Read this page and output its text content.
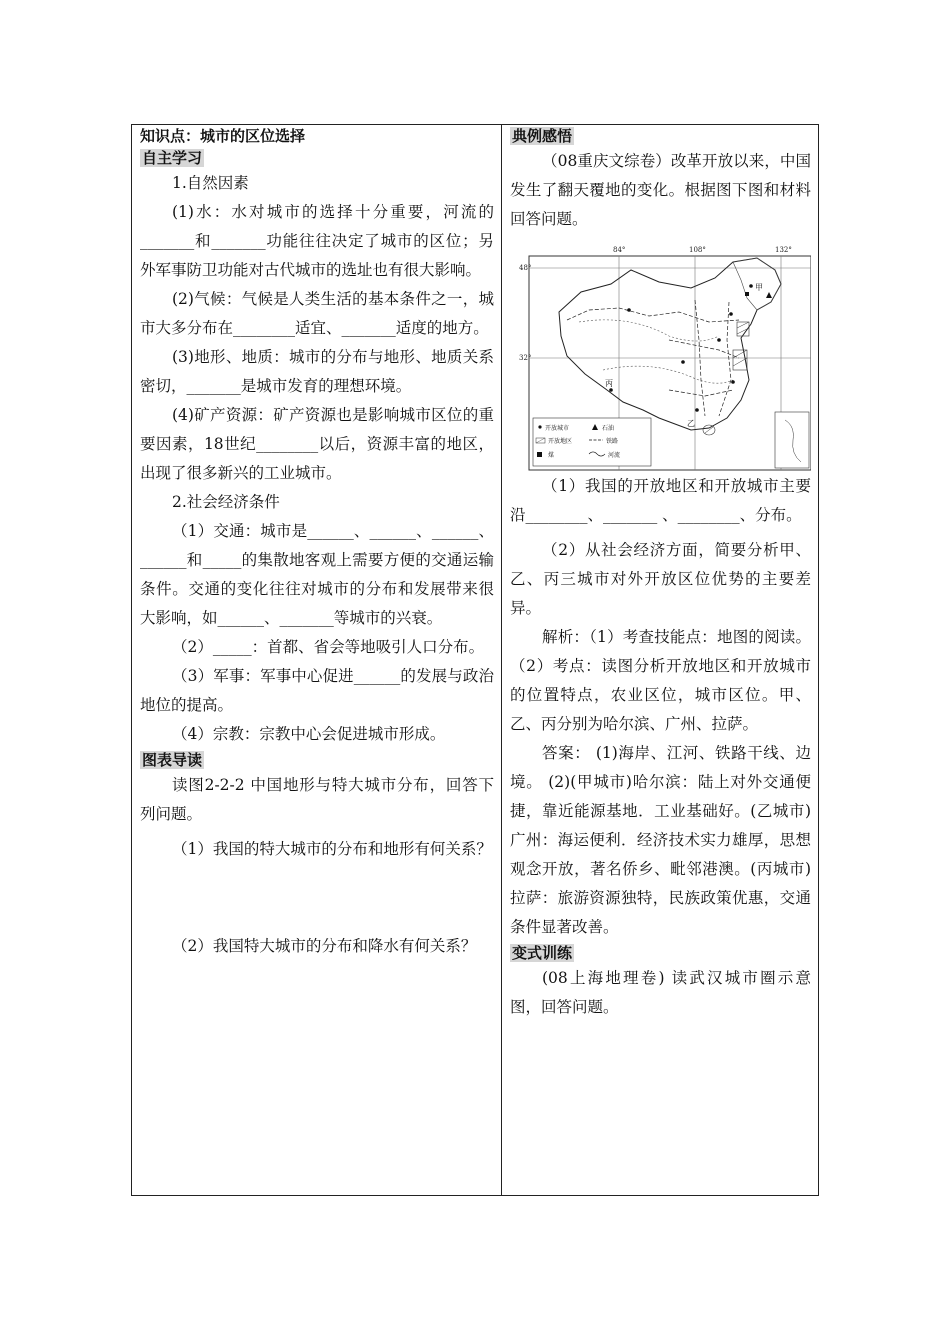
知识点：城市的区位选择

自主学习

1.自然因素

(1)水：水对城市的选择十分重要，河流的_______和_______功能往往决定了城市的区位；另外军事防卫功能对古代城市的选址也有很大影响。

(2)气候：气候是人类生活的基本条件之一，城市大多分布在________适宜、_______适度的地方。

(3)地形、地质：城市的分布与地形、地质关系密切，_______是城市发育的理想环境。

(4)矿产资源：矿产资源也是影响城市区位的重要因素，18世纪________以后，资源丰富的地区，出现了很多新兴的工业城市。

2.社会经济条件

（1）交通：城市是______、______、______、______和_____的集散地客观上需要方便的交通运输条件。交通的变化往往对城市的分布和发展带来很大影响，如______、_______等城市的兴衰。

（2）_____：首都、省会等地吸引人口分布。

（3）军事：军事中心促进______的发展与政治地位的提高。

（4）宗教：宗教中心会促进城市形成。

图表导读

读图2-2-2 中国地形与特大城市分布，回答下列问题。

（1）我国的特大城市的分布和地形有何关系？

（2）我国特大城市的分布和降水有何关系？

典例感悟

（08重庆文综卷）改革开放以来，中国发生了翻天覆地的变化。根据图下图和材料回答问题。

84°	108°	132°
48°
32°
甲
乙
丙
开放城市	石油
开放地区	铁路
煤	河流

（1）我国的开放地区和开放城市主要沿________、_______ 、________、分布。

（2）从社会经济方面，简要分析甲、乙、丙三城市对外开放区位优势的主要差异。

解析：（1）考查技能点：地图的阅读。（2）考点：读图分析开放地区和开放城市的位置特点，农业区位，城市区位。甲、乙、丙分别为哈尔滨、广州、拉萨。

答案： (1)海岸、江河、铁路干线、边境。 (2)(甲城市)哈尔滨：陆上对外交通便捷，靠近能源基地．工业基础好。(乙城市)广州：海运便利．经济技术实力雄厚，思想观念开放，著名侨乡、毗邻港澳。(丙城市)拉萨：旅游资源独特，民族政策优惠，交通条件显著改善。

变式训练

(08上海地理卷) 读武汉城市圈示意图，回答问题。
